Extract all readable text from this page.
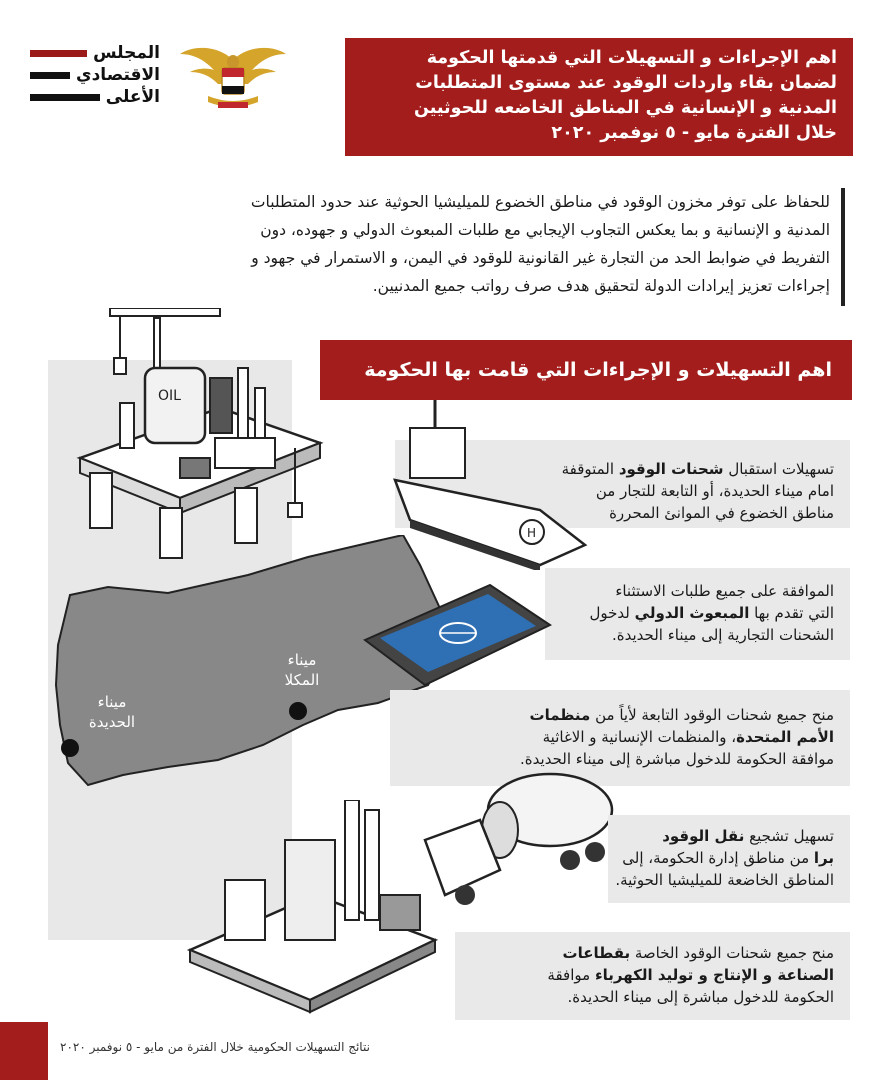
المجلس
الاقتصادي
الأعلى
اهم الإجراءات و التسهيلات التي قدمتها الحكومة
لضمان بقاء واردات الوقود عند مستوى المتطلبات
المدنية و الإنسانية في المناطق الخاضعه للحوثيين
خلال الفترة مايو - ٥ نوفمبر ٢٠٢٠
للحفاظ على توفر مخزون الوقود في مناطق الخضوع للميليشيا الحوثية عند حدود المتطلبات
المدنية و الإنسانية و بما يعكس التجاوب الإيجابي مع طلبات المبعوث الدولي و جهوده، دون
التفريط في ضوابط الحد من التجارة غير القانونية للوقود في اليمن، و الاستمرار في جهود و
إجراءات تعزيز إيرادات الدولة لتحقيق هدف صرف رواتب جميع المدنيين.
OIL
ميناء
المكلا
ميناء
الحديدة
اهم التسهيلات و الإجراءات التي قامت بها الحكومة
تسهيلات استقبال شحنات الوقود المتوقفة
امام ميناء الحديدة، أو التابعة للتجار من
مناطق الخضوع في الموانئ المحررة
H
الموافقة على جميع طلبات الاستثناء
التي تقدم بها المبعوث الدولي لدخول
الشحنات التجارية إلى ميناء الحديدة.
منح جميع شحنات الوقود التابعة لأياً من منظمات
الأمم المتحدة، والمنظمات الإنسانية و الاغاثية
موافقة الحكومة للدخول مباشرة إلى ميناء الحديدة.
تسهيل تشجيع نقل الوقود
برا من مناطق إدارة الحكومة، إلى
المناطق الخاضعة للميليشيا الحوثية.
منح جميع شحنات الوقود الخاصة بقطاعات
الصناعة و الإنتاج و توليد الكهرباء موافقة
الحكومة للدخول مباشرة إلى ميناء الحديدة.
نتائج التسهيلات الحكومية خلال الفترة من مايو - ٥ نوفمبر ٢٠٢٠
